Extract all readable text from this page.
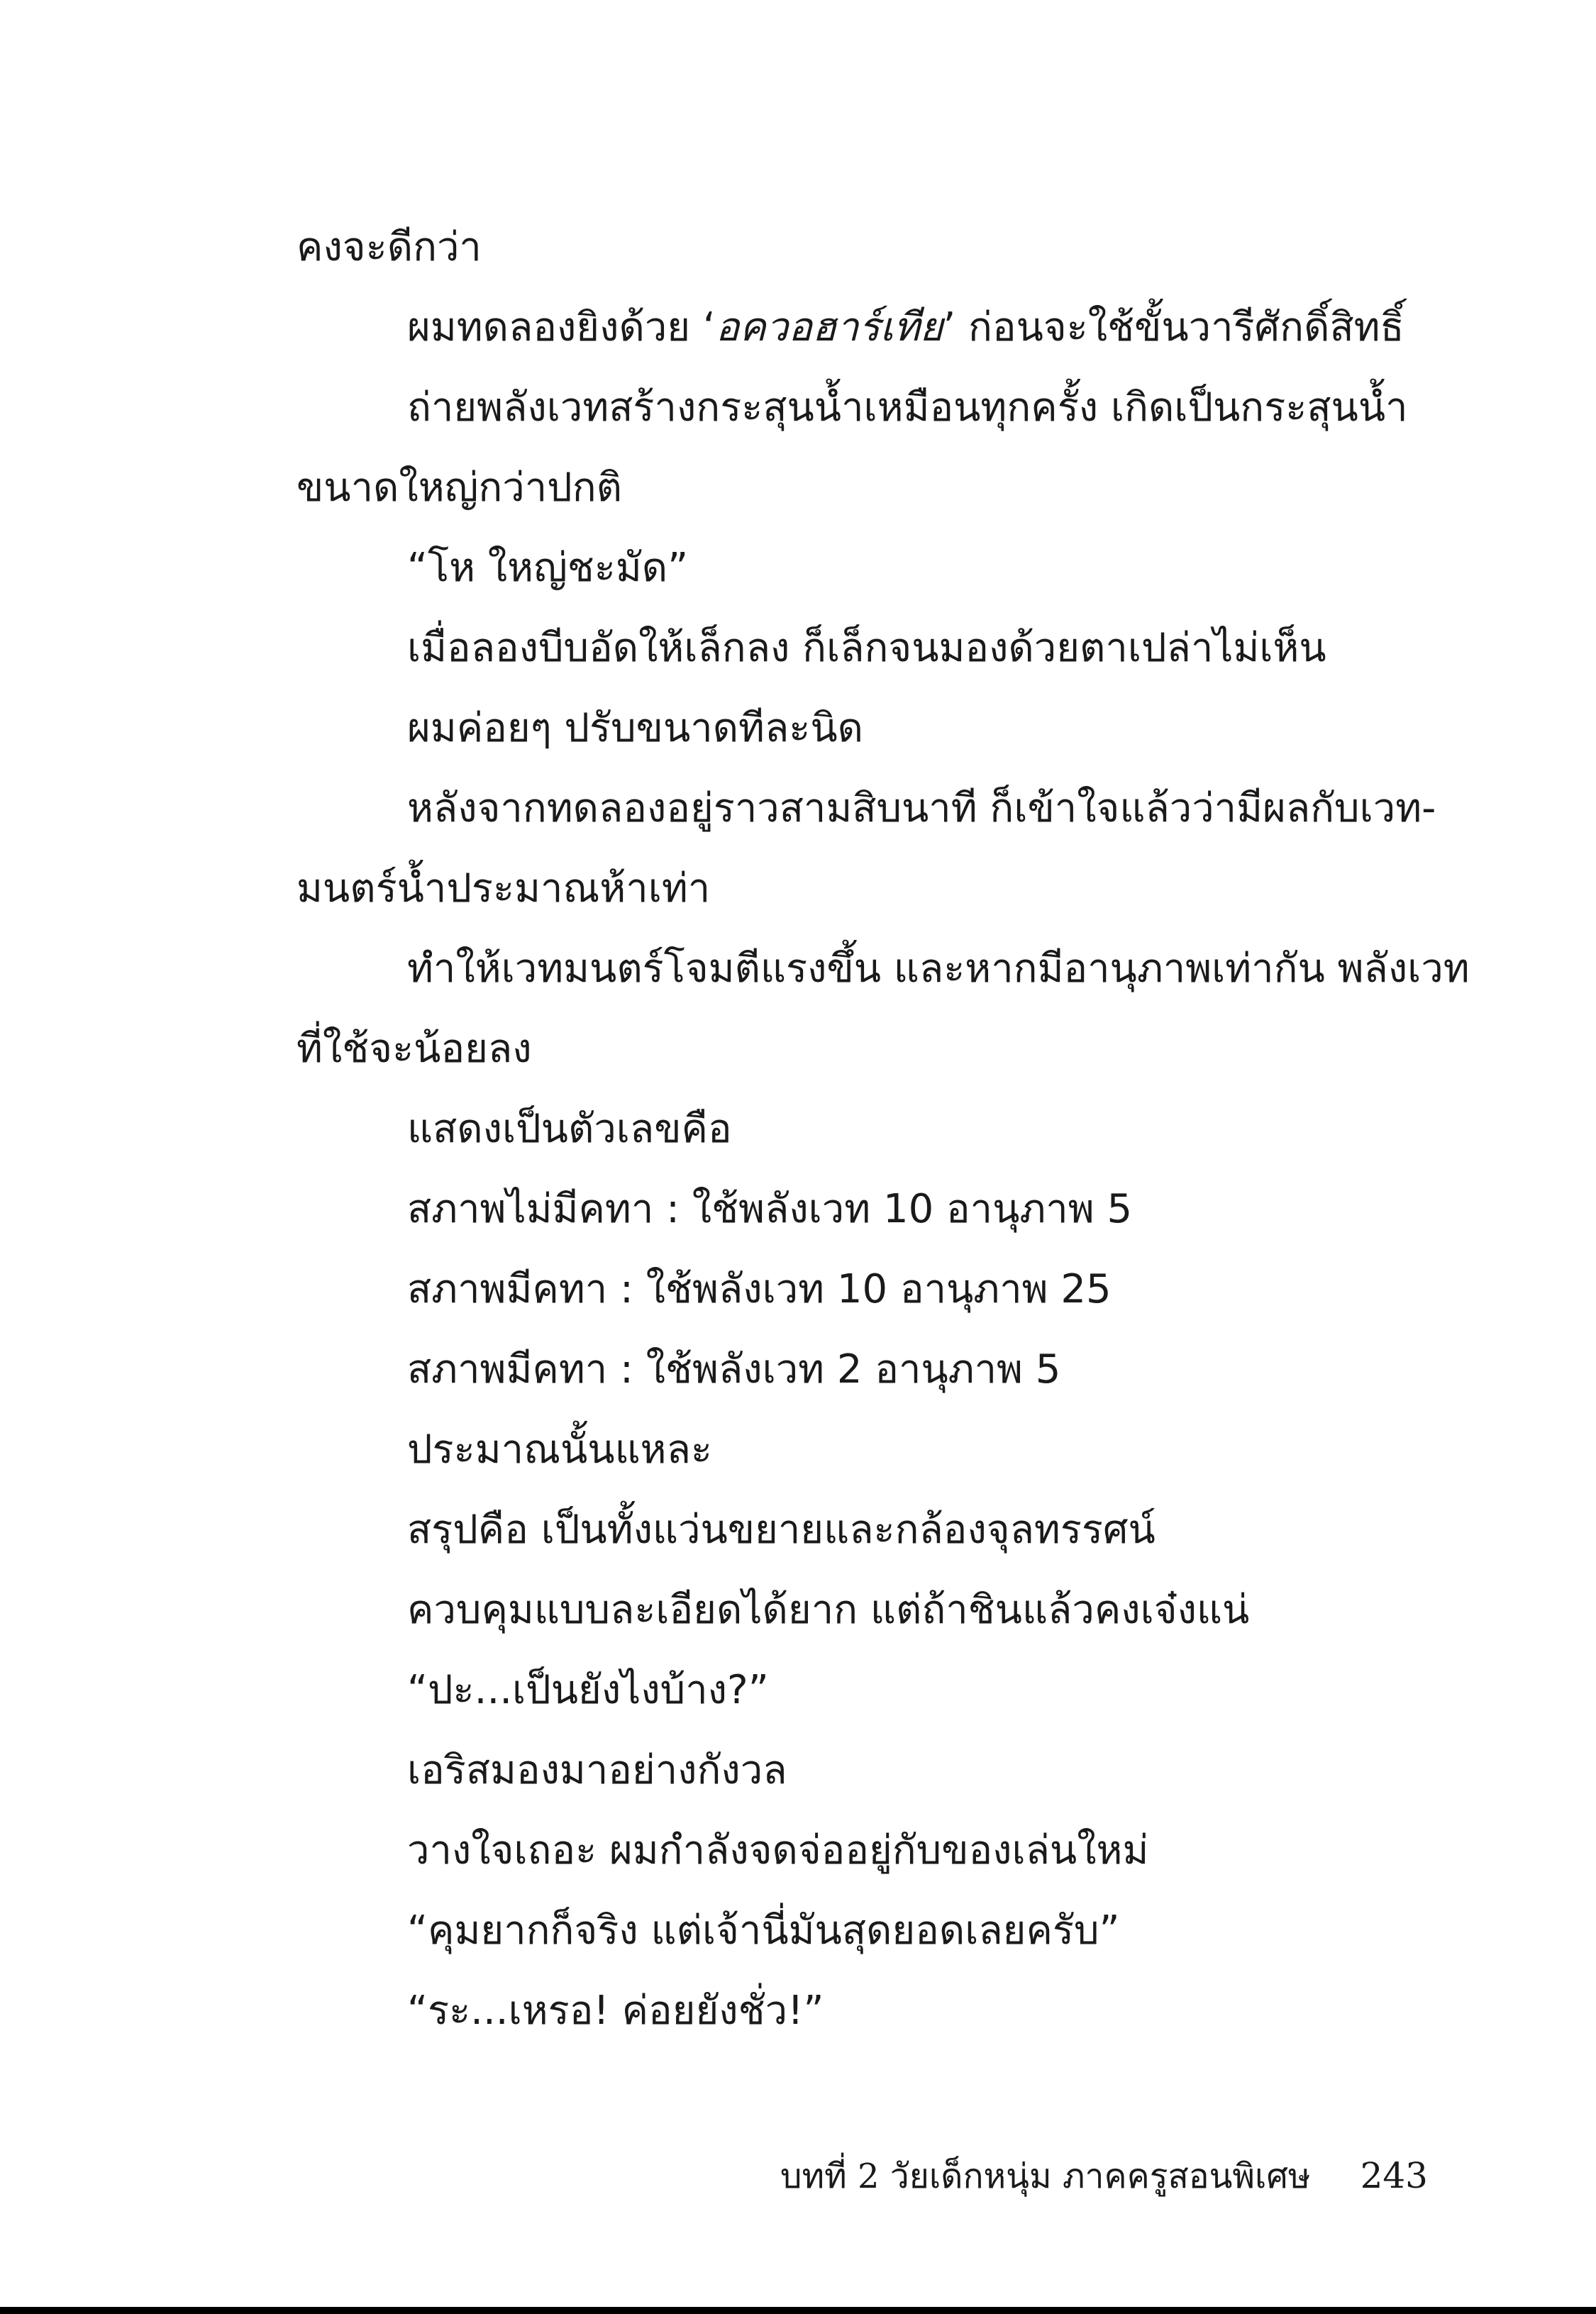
คงจะดีกว่า
ผมทดลองยิงด้วย ‘อควอฮาร์เทีย’ ก่อนจะใช้ขั้นวารีศักดิ์สิทธิ์
ถ่ายพลังเวทสร้างกระสุนน้ำเหมือนทุกครั้ง เกิดเป็นกระสุนน้ำ
ขนาดใหญ่กว่าปกติ
“โห ใหญ่ชะมัด”
เมื่อลองบีบอัดให้เล็กลง ก็เล็กจนมองด้วยตาเปล่าไม่เห็น
ผมค่อยๆ ปรับขนาดทีละนิด
หลังจากทดลองอยู่ราวสามสิบนาที ก็เข้าใจแล้วว่ามีผลกับเวท-
มนตร์น้ำประมาณห้าเท่า
ทำให้เวทมนตร์โจมตีแรงขึ้น และหากมีอานุภาพเท่ากัน พลังเวท
ที่ใช้จะน้อยลง
แสดงเป็นตัวเลขคือ
สภาพไม่มีคทา : ใช้พลังเวท 10 อานุภาพ 5
สภาพมีคทา : ใช้พลังเวท 10 อานุภาพ 25
สภาพมีคทา : ใช้พลังเวท 2 อานุภาพ 5
ประมาณนั้นแหละ
สรุปคือ เป็นทั้งแว่นขยายและกล้องจุลทรรศน์
ควบคุมแบบละเอียดได้ยาก แต่ถ้าชินแล้วคงเจ๋งแน่
“ปะ...เป็นยังไงบ้าง?”
เอริสมองมาอย่างกังวล
วางใจเถอะ ผมกำลังจดจ่ออยู่กับของเล่นใหม่
“คุมยากก็จริง แต่เจ้านี่มันสุดยอดเลยครับ”
“ระ...เหรอ! ค่อยยังชั่ว!”
บทที่ 2 วัยเด็กหนุ่ม ภาคครูสอนพิเศษ 243
